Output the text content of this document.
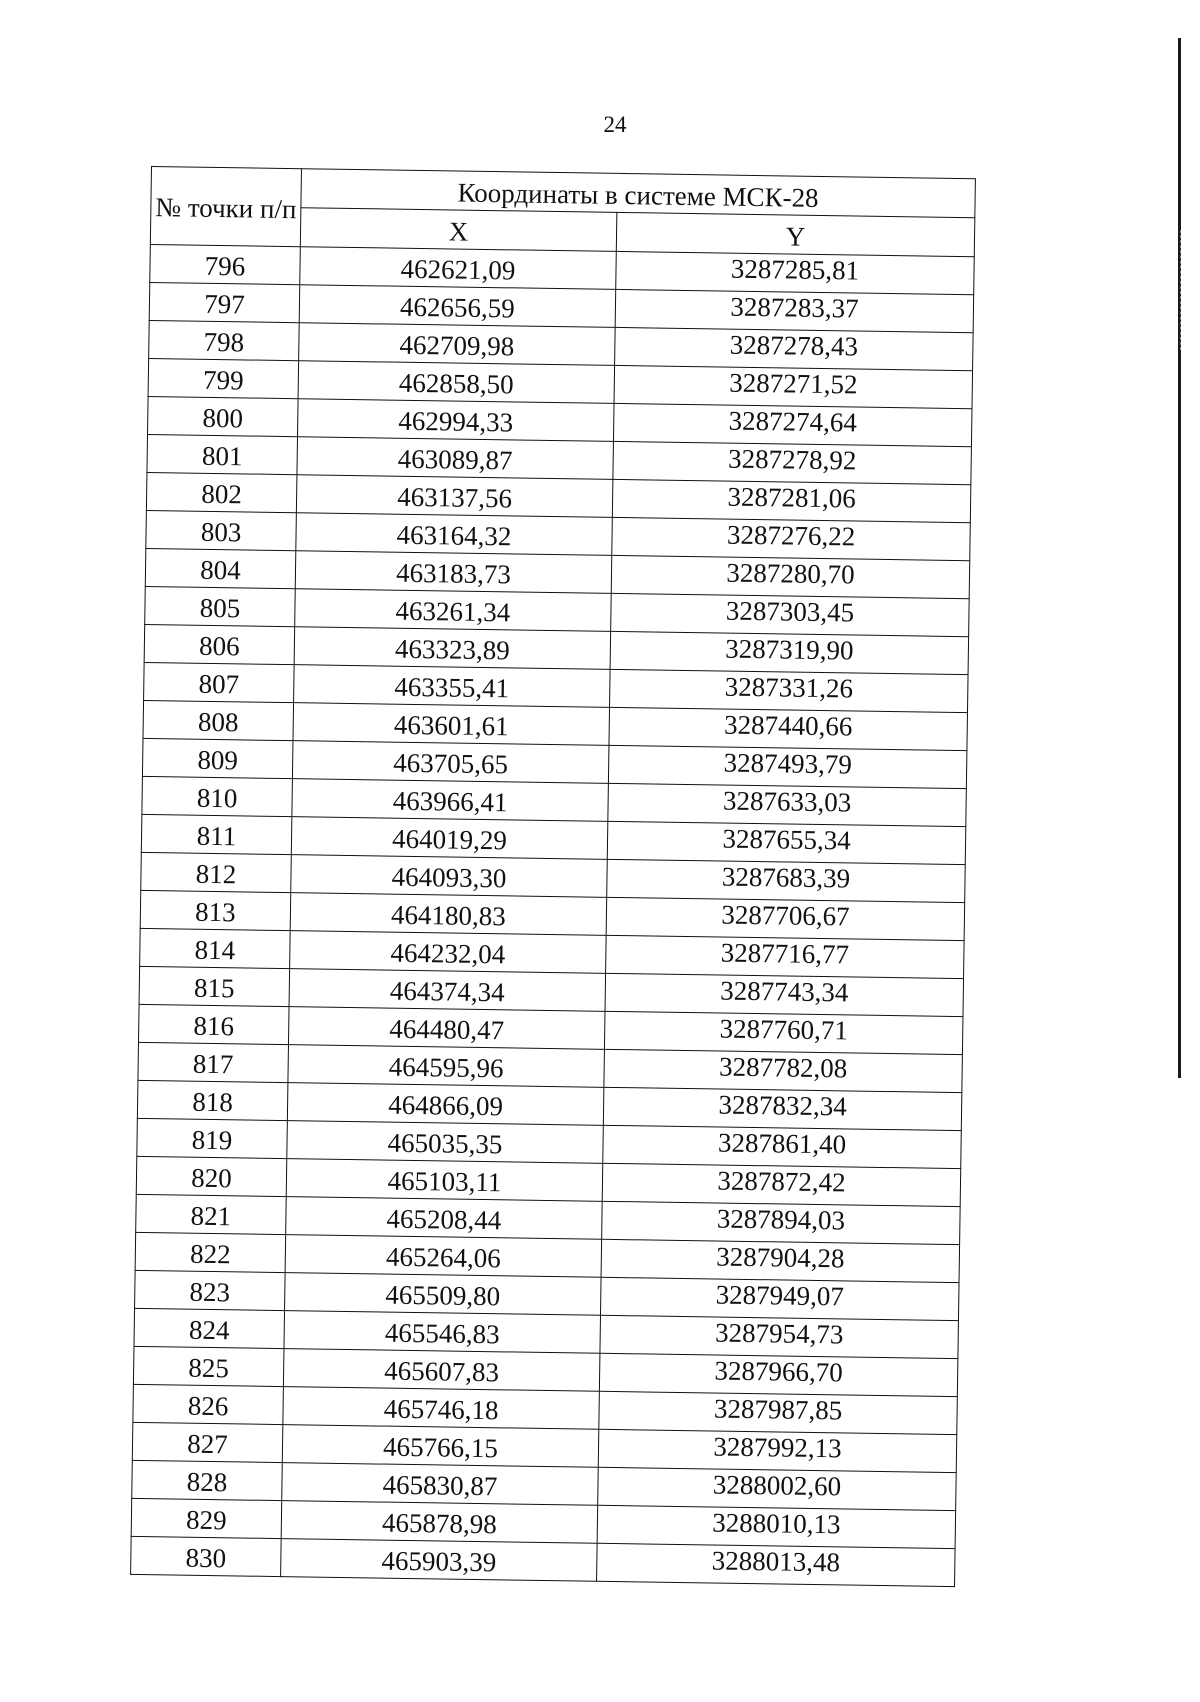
24
№ точки п/п	Координаты в системе МСК-28	

	X	Y

796	462621,09	3287285,81

797	462656,59	3287283,37

798	462709,98	3287278,43

799	462858,50	3287271,52

800	462994,33	3287274,64

801	463089,87	3287278,92

802	463137,56	3287281,06

803	463164,32	3287276,22

804	463183,73	3287280,70

805	463261,34	3287303,45

806	463323,89	3287319,90

807	463355,41	3287331,26

808	463601,61	3287440,66

809	463705,65	3287493,79

810	463966,41	3287633,03

811	464019,29	3287655,34

812	464093,30	3287683,39

813	464180,83	3287706,67

814	464232,04	3287716,77

815	464374,34	3287743,34

816	464480,47	3287760,71

817	464595,96	3287782,08

818	464866,09	3287832,34

819	465035,35	3287861,40

820	465103,11	3287872,42

821	465208,44	3287894,03

822	465264,06	3287904,28

823	465509,80	3287949,07

824	465546,83	3287954,73

825	465607,83	3287966,70

826	465746,18	3287987,85

827	465766,15	3287992,13

828	465830,87	3288002,60

829	465878,98	3288010,13

830	465903,39	3288013,48
